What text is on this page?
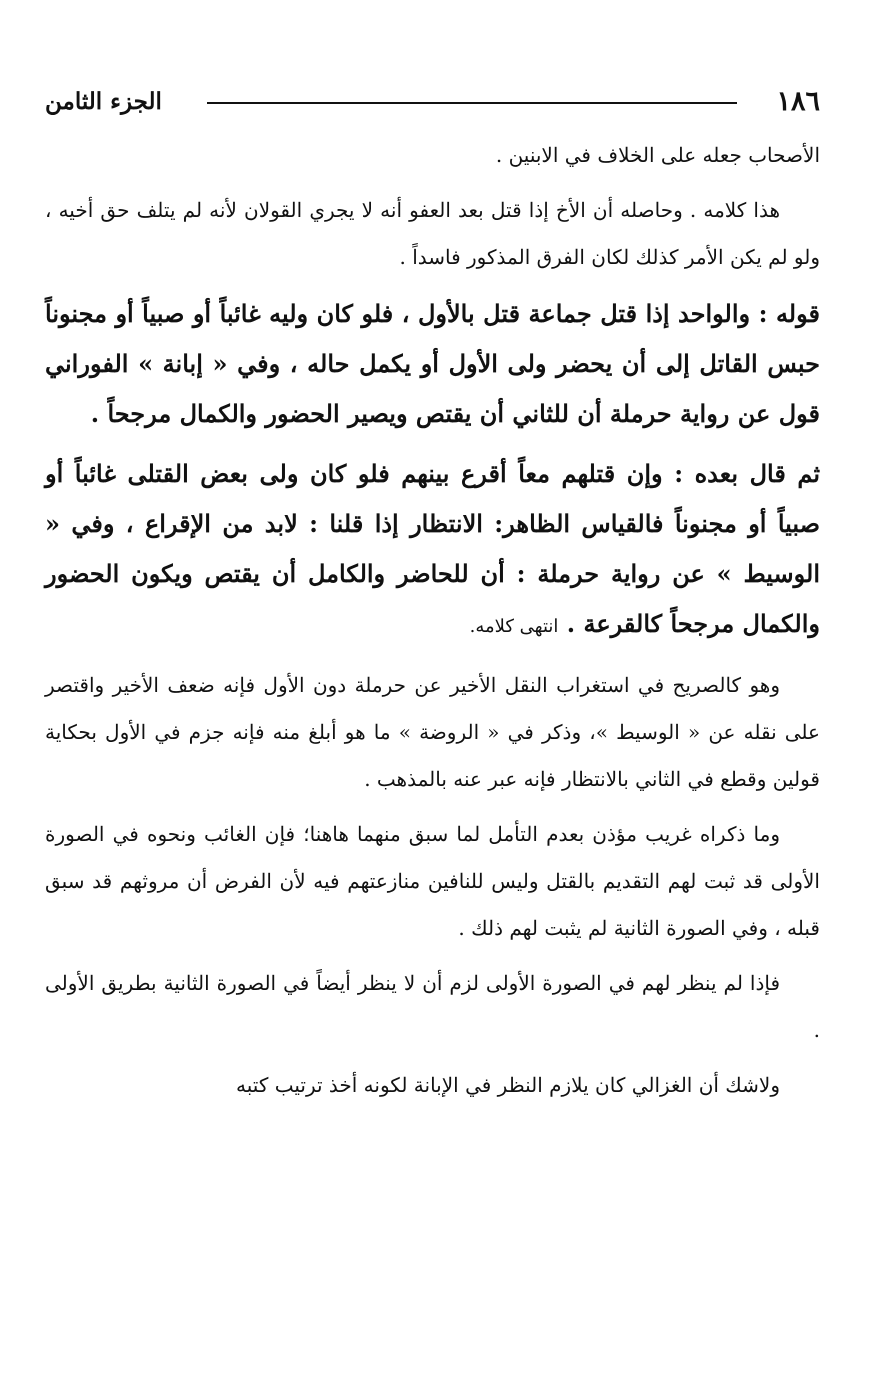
١٨٦
الجزء الثامن

الأصحاب جعله على الخلاف في الابنين .

هذا كلامه . وحاصله أن الأخ إذا قتل بعد العفو أنه لا يجري القولان لأنه لم يتلف حق أخيه ، ولو لم يكن الأمر كذلك لكان الفرق المذكور فاسداً .

قوله : والواحد إذا قتل جماعة قتل بالأول ، فلو كان وليه غائباً أو صبياً أو مجنوناً حبس القاتل إلى أن يحضر ولى الأول أو يكمل حاله ، وفي « إبانة » الفوراني قول عن رواية حرملة أن للثاني أن يقتص ويصير الحضور والكمال مرجحاً .

ثم قال بعده : وإن قتلهم معاً أقرع بينهم فلو كان ولى بعض القتلى غائباً أو صبياً أو مجنوناً فالقياس الظاهر: الانتظار إذا قلنا : لابد من الإقراع ، وفي « الوسيط » عن رواية حرملة : أن للحاضر والكامل أن يقتص ويكون الحضور والكمال مرجحاً كالقرعة . انتهى كلامه.

وهو كالصريح في استغراب النقل الأخير عن حرملة دون الأول فإنه ضعف الأخير واقتصر على نقله عن « الوسيط »، وذكر في « الروضة » ما هو أبلغ منه فإنه جزم في الأول بحكاية قولين وقطع في الثاني بالانتظار فإنه عبر عنه بالمذهب .

وما ذكراه غريب مؤذن بعدم التأمل لما سبق منهما هاهنا؛ فإن الغائب ونحوه في الصورة الأولى قد ثبت لهم التقديم بالقتل وليس للنافين منازعتهم فيه لأن الفرض أن مروثهم قد سبق قبله ، وفي الصورة الثانية لم يثبت لهم ذلك .

فإذا لم ينظر لهم في الصورة الأولى لزم أن لا ينظر أيضاً في الصورة الثانية بطريق الأولى .

ولاشك أن الغزالي كان يلازم النظر في الإبانة لكونه أخذ ترتيب كتبه
